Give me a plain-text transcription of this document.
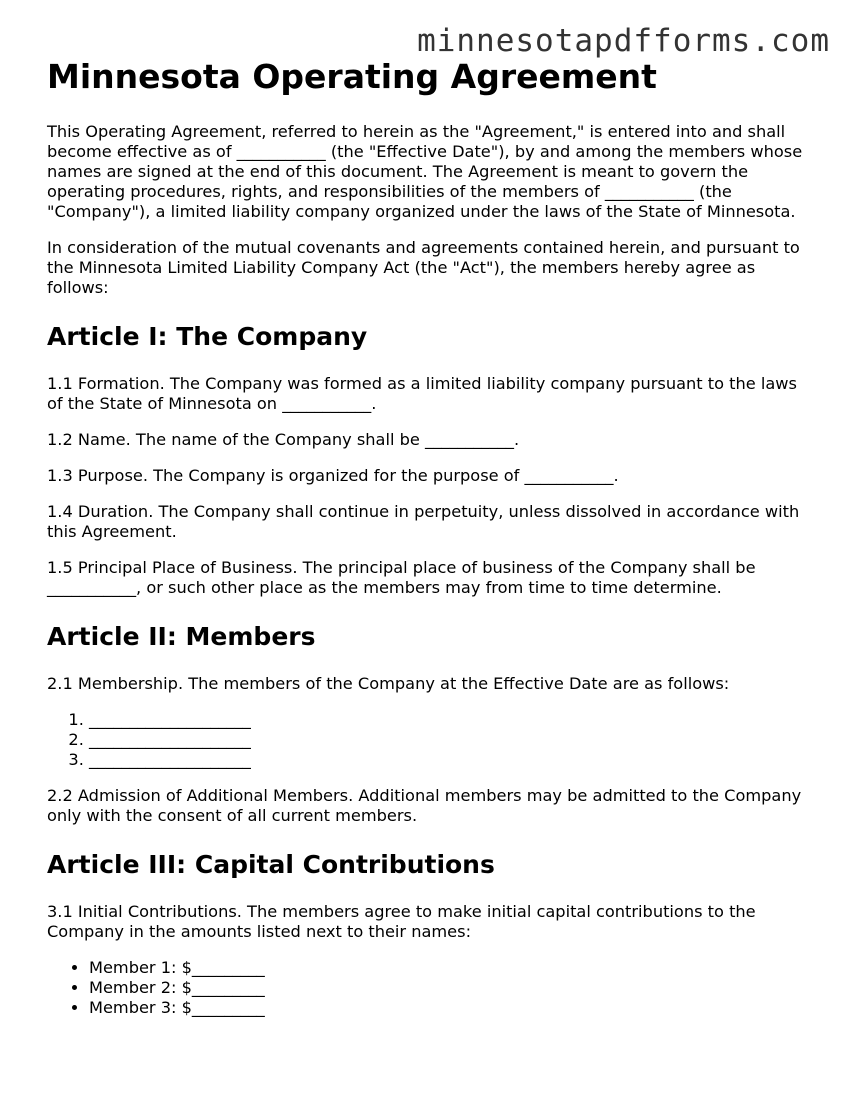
minnesotapdfforms.com
Minnesota Operating Agreement

This Operating Agreement, referred to herein as the "Agreement," is entered into and shall become effective as of ___________ (the "Effective Date"), by and among the members whose names are signed at the end of this document. The Agreement is meant to govern the operating procedures, rights, and responsibilities of the members of ___________ (the "Company"), a limited liability company organized under the laws of the State of Minnesota.

In consideration of the mutual covenants and agreements contained herein, and pursuant to the Minnesota Limited Liability Company Act (the "Act"), the members hereby agree as follows:

Article I: The Company

1.1 Formation. The Company was formed as a limited liability company pursuant to the laws of the State of Minnesota on ___________.

1.2 Name. The name of the Company shall be ___________.

1.3 Purpose. The Company is organized for the purpose of ___________.

1.4 Duration. The Company shall continue in perpetuity, unless dissolved in accordance with this Agreement.

1.5 Principal Place of Business. The principal place of business of the Company shall be ___________, or such other place as the members may from time to time determine.

Article II: Members

2.1 Membership. The members of the Company at the Effective Date are as follows:

1. ____________________
2. ____________________
3. ____________________

2.2 Admission of Additional Members. Additional members may be admitted to the Company only with the consent of all current members.

Article III: Capital Contributions

3.1 Initial Contributions. The members agree to make initial capital contributions to the Company in the amounts listed next to their names:

• Member 1: $_________
• Member 2: $_________
• Member 3: $_________
